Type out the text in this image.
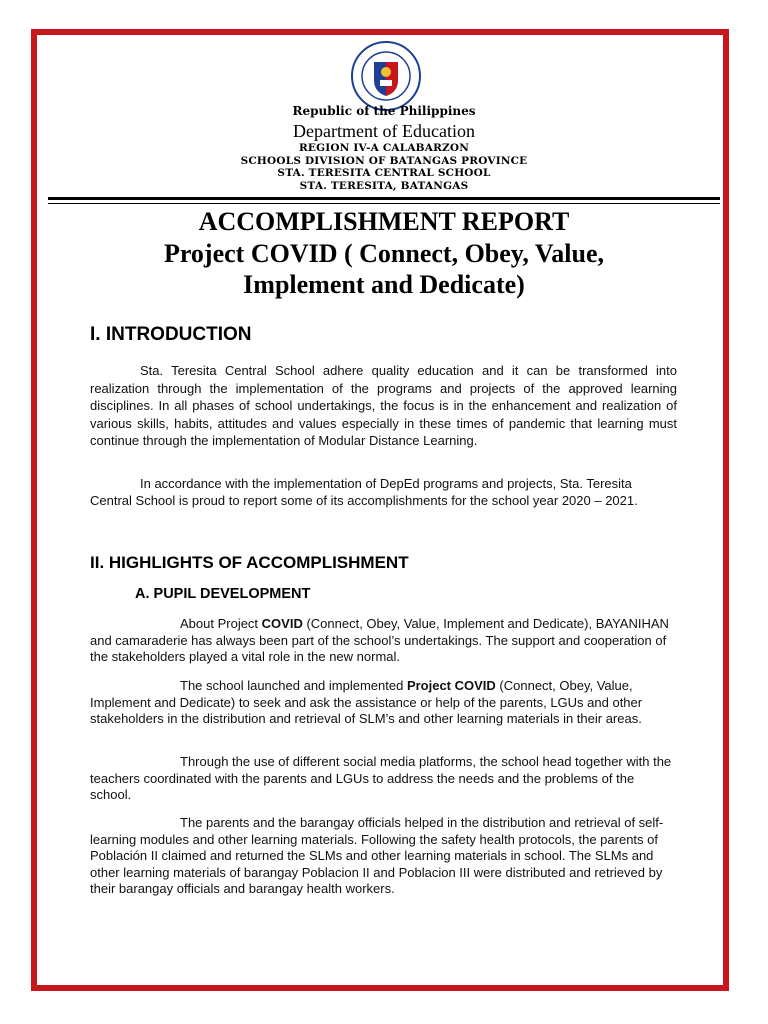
Republic of the Philippines
Department of Education
REGION IV-A CALABARZON
SCHOOLS DIVISION OF BATANGAS PROVINCE
STA. TERESITA CENTRAL SCHOOL
STA. TERESITA, BATANGAS
ACCOMPLISHMENT REPORT
Project COVID ( Connect, Obey, Value,
Implement and Dedicate)
I. INTRODUCTION

Sta. Teresita Central School adhere quality education and it can be transformed into realization through the implementation of the programs and projects of the approved learning disciplines. In all phases of school undertakings, the focus is in the enhancement and realization of various skills, habits, attitudes and values especially in these times of pandemic that learning must continue through the implementation of Modular Distance Learning.

In accordance with the implementation of DepEd programs and projects, Sta. Teresita Central School is proud to report some of its accomplishments for the school year 2020 – 2021.

II. HIGHLIGHTS OF ACCOMPLISHMENT
A. PUPIL DEVELOPMENT

About Project COVID (Connect, Obey, Value, Implement and Dedicate), BAYANIHAN and camaraderie has always been part of the school’s undertakings. The support and cooperation of the stakeholders played a vital role in the new normal.

The school launched and implemented Project COVID (Connect, Obey, Value, Implement and Dedicate) to seek and ask the assistance or help of the parents, LGUs and other stakeholders in the distribution and retrieval of SLM’s and other learning materials in their areas.

Through the use of different social media platforms, the school head together with the teachers coordinated with the parents and LGUs to address the needs and the problems of the school.

The parents and the barangay officials helped in the distribution and retrieval of self-learning modules and other learning materials. Following the safety health protocols, the parents of Población II claimed and returned the SLMs and other learning materials in school. The SLMs and other learning materials of barangay Poblacion II and Poblacion III were distributed and retrieved by their barangay officials and barangay health workers.
